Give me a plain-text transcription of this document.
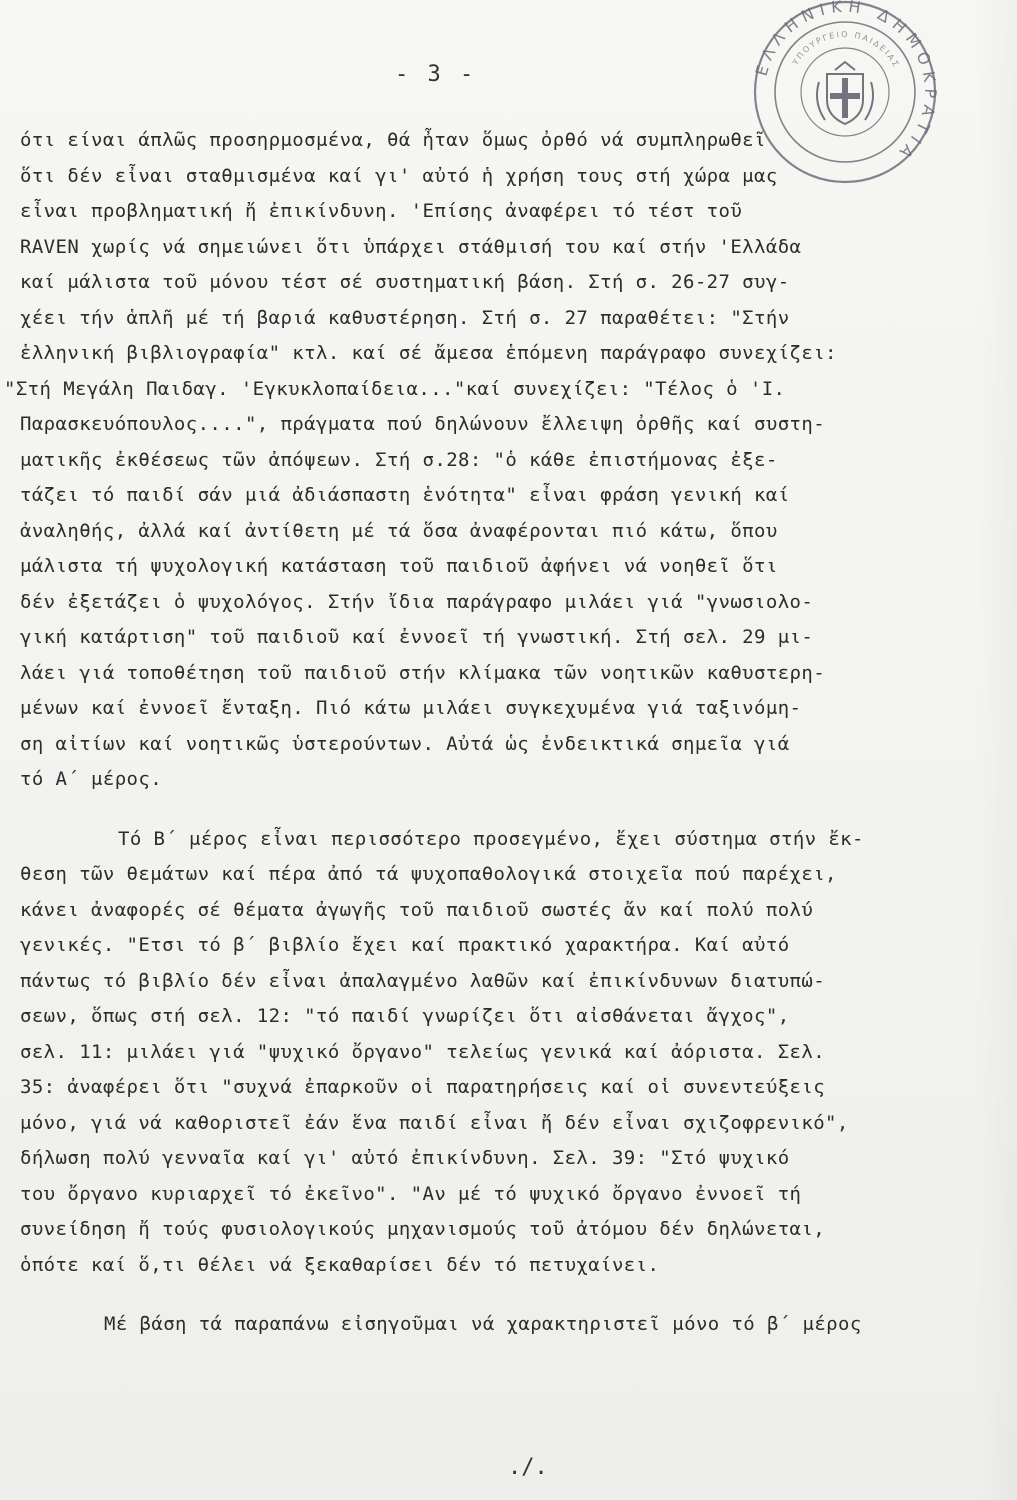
ΕΛΛΗΝΙΚΗ ΔΗΜΟΚΡΑΤΙΑ
ΥΠΟΥΡΓΕΙΟ ΠΑΙΔΕΙΑΣ
- 3 -
ότι είναι άπλῶς προσηρμοσμένα, θά ἦταν ὅμως ὀρθό νά συμπληρωθεῖ
ὅτι δέν εἶναι σταθμισμένα καί γι' αὐτό ἡ χρήση τους στή χώρα μας
εἶναι προβληματική ἤ ἐπικίνδυνη. 'Επίσης ἀναφέρει τό τέστ τοῦ
RAVEN χωρίς νά σημειώνει ὅτι ὑπάρχει στάθμισή του καί στήν 'Ελλάδα
καί μάλιστα τοῦ μόνου τέστ σέ συστηματική βάση. Στή σ. 26-27 συγ-
χέει τήν ἁπλῆ μέ τή βαριά καθυστέρηση. Στή σ. 27 παραθέτει: "Στήν
ἑλληνική βιβλιογραφία" κτλ. καί σέ ἄμεσα ἑπόμενη παράγραφο συνεχίζει:
"Στή Μεγάλη Παιδαγ. 'Εγκυκλοπαίδεια..."καί συνεχίζει: "Τέλος ὁ 'Ι.
Παρασκευόπουλος....", πράγματα πού δηλώνουν ἔλλειψη ὀρθῆς καί συστη-
ματικῆς ἐκθέσεως τῶν ἀπόψεων. Στή σ.28: "ὁ κάθε ἐπιστήμονας ἐξε-
τάζει τό παιδί σάν μιά ἀδιάσπαστη ἑνότητα" εἶναι φράση γενική καί
ἀναληθής, ἀλλά καί ἀντίθετη μέ τά ὅσα ἀναφέρονται πιό κάτω, ὅπου
μάλιστα τή ψυχολογική κατάσταση τοῦ παιδιοῦ ἀφήνει νά νοηθεῖ ὅτι
δέν ἐξετάζει ὁ ψυχολόγος. Στήν ἴδια παράγραφο μιλάει γιά "γνωσιολο-
γική κατάρτιση" τοῦ παιδιοῦ καί ἐννοεῖ τή γνωστική. Στή σελ. 29 μι-
λάει γιά τοποθέτηση τοῦ παιδιοῦ στήν κλίμακα τῶν νοητικῶν καθυστερη-
μένων καί ἐννοεῖ ἔνταξη. Πιό κάτω μιλάει συγκεχυμένα γιά ταξινόμη-
ση αἰτίων καί νοητικῶς ὑστερούντων. Αὐτά ὡς ἐνδεικτικά σημεῖα γιά
τό Α΄ μέρος.
Τό Β΄ μέρος εἶναι περισσότερο προσεγμένο, ἔχει σύστημα στήν ἔκ-
θεση τῶν θεμάτων καί πέρα ἀπό τά ψυχοπαθολογικά στοιχεῖα πού παρέχει,
κάνει ἀναφορές σέ θέματα ἀγωγῆς τοῦ παιδιοῦ σωστές ἄν καί πολύ πολύ
γενικές. "Ετσι τό β΄ βιβλίο ἔχει καί πρακτικό χαρακτήρα. Καί αὐτό
πάντως τό βιβλίο δέν εἶναι ἀπαλαγμένο λαθῶν καί ἐπικίνδυνων διατυπώ-
σεων, ὅπως στή σελ. 12: "τό παιδί γνωρίζει ὅτι αἰσθάνεται ἄγχος",
σελ. 11: μιλάει γιά "ψυχικό ὄργανο" τελείως γενικά καί ἀόριστα. Σελ.
35: ἀναφέρει ὅτι "συχνά ἐπαρκοῦν οἱ παρατηρήσεις καί οἱ συνεντεύξεις
μόνο, γιά νά καθοριστεῖ ἐάν ἕνα παιδί εἶναι ἤ δέν εἶναι σχιζοφρενικό",
δήλωση πολύ γενναῖα καί γι' αὐτό ἐπικίνδυνη. Σελ. 39: "Στό ψυχικό
του ὄργανο κυριαρχεῖ τό ἐκεῖνο". "Αν μέ τό ψυχικό ὄργανο ἐννοεῖ τή
συνείδηση ἤ τούς φυσιολογικούς μηχανισμούς τοῦ ἀτόμου δέν δηλώνεται,
ὁπότε καί ὅ,τι θέλει νά ξεκαθαρίσει δέν τό πετυχαίνει.
Μέ βάση τά παραπάνω εἰσηγοῦμαι νά χαρακτηριστεῖ μόνο τό β΄ μέρος
./.
